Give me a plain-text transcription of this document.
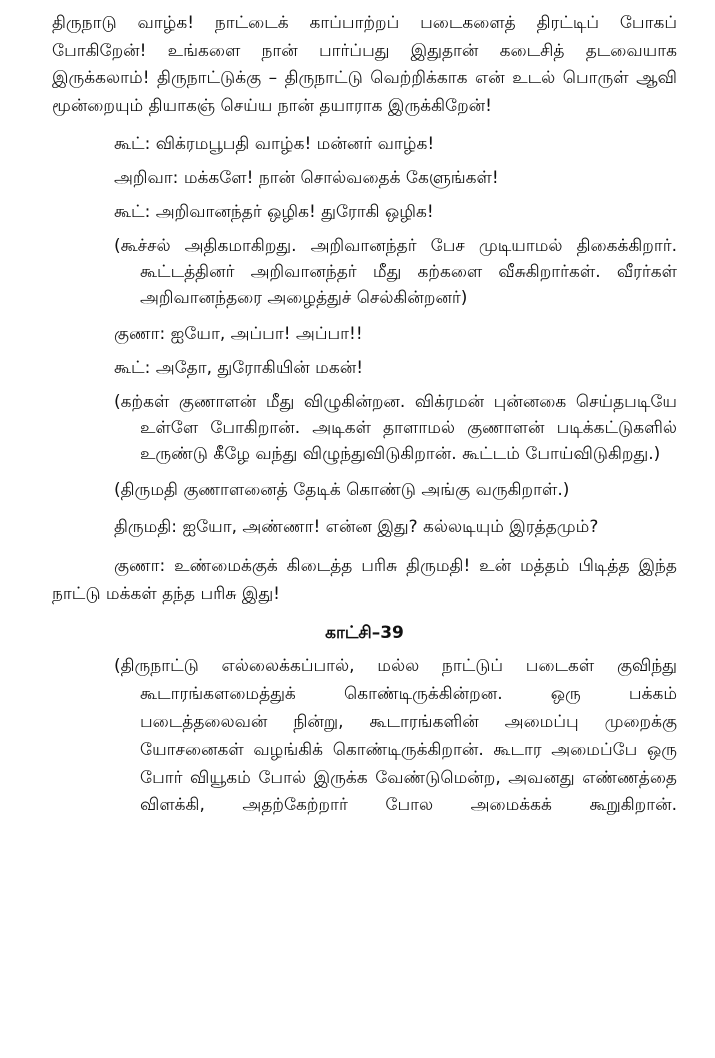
திருநாடு வாழ்க! நாட்டைக் காப்பாற்றப் படைகளைத் திரட்டிப் போகப் போகிறேன்! உங்களை நான் பார்ப்பது இதுதான் கடைசித் தடவையாக இருக்கலாம்! திருநாட்டுக்கு – திருநாட்டு வெற்றிக்காக என் உடல் பொருள் ஆவி மூன்றையும் தியாகஞ் செய்ய நான் தயாராக இருக்கிறேன்!

கூட்: விக்ரமபூபதி வாழ்க! மன்னர் வாழ்க!

அறிவா: மக்களே! நான் சொல்வதைக் கேளுங்கள்!

கூட்: அறிவானந்தர் ஒழிக! துரோகி ஒழிக!

(கூச்சல் அதிகமாகிறது. அறிவானந்தர் பேச முடியாமல் திகைக்கிறார். கூட்டத்தினர் அறிவானந்தர் மீது கற்களை வீசுகிறார்கள். வீரர்கள் அறிவானந்தரை அழைத்துச் செல்கின்றனர்)

குணா: ஐயோ, அப்பா! அப்பா!!

கூட்: அதோ, துரோகியின் மகன்!

(கற்கள் குணாளன் மீது விழுகின்றன. விக்ரமன் புன்னகை செய்தபடியே உள்ளே போகிறான். அடிகள் தாளாமல் குணாளன் படிக்கட்டுகளில் உருண்டு கீழே வந்து விழுந்துவிடுகிறான். கூட்டம் போய்விடுகிறது.)

(திருமதி குணாளனைத் தேடிக் கொண்டு அங்கு வருகிறாள்.)

திருமதி: ஐயோ, அண்ணா! என்ன இது? கல்லடியும் இரத்தமும்?

குணா: உண்மைக்குக் கிடைத்த பரிசு திருமதி! உன் மத்தம் பிடித்த இந்த நாட்டு மக்கள் தந்த பரிசு இது!

காட்சி–39

(திருநாட்டு எல்லைக்கப்பால், மல்ல நாட்டுப் படைகள் குவிந்து கூடாரங்களமைத்துக் கொண்டிருக்கின்றன. ஒரு பக்கம் படைத்தலைவன் நின்று, கூடாரங்களின் அமைப்பு முறைக்கு யோசனைகள் வழங்கிக் கொண்டிருக்கிறான். கூடார அமைப்பே ஒரு போர் வியூகம் போல் இருக்க வேண்டுமென்ற, அவனது எண்ணத்தை விளக்கி, அதற்கேற்றார் போல அமைக்கக் கூறுகிறான்.
